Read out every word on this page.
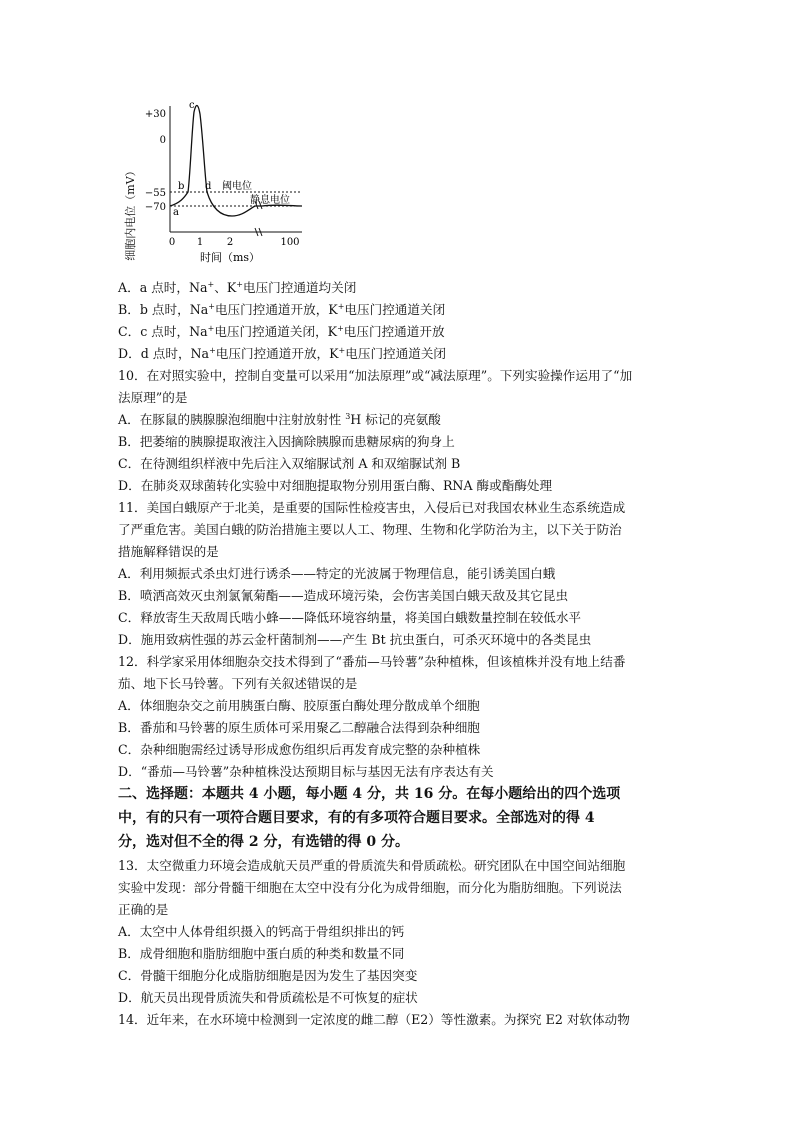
细胞内电位（mV）
+30
0
−55
−70
0 1 2	100
a
b
c
d 阈电位
静息电位
时间（ms）
A．a 点时，Na+、K+电压门控通道均关闭
B．b 点时，Na+电压门控通道开放，K+电压门控通道关闭
C．c 点时，Na+电压门控通道关闭，K+电压门控通道开放
D．d 点时，Na+电压门控通道开放，K+电压门控通道关闭
10．在对照实验中，控制自变量可以采用“加法原理”或“减法原理”。下列实验操作运用了“加
法原理”的是
A．在豚鼠的胰腺腺泡细胞中注射放射性 $^3$H 标记的亮氨酸
B．把萎缩的胰腺提取液注入因摘除胰腺而患糖尿病的狗身上
C．在待测组织样液中先后注入双缩脲试剂 A 和双缩脲试剂 B
D．在肺炎双球菌转化实验中对细胞提取物分别用蛋白酶、RNA 酶或酯酶处理
11．美国白蛾原产于北美，是重要的国际性检疫害虫，入侵后已对我国农林业生态系统造成
了严重危害。美国白蛾的防治措施主要以人工、物理、生物和化学防治为主，以下关于防治
措施解释错误的是
A．利用频振式杀虫灯进行诱杀——特定的光波属于物理信息，能引诱美国白蛾
B．喷洒高效灭虫剂氯氰菊酯——造成环境污染，会伤害美国白蛾天敌及其它昆虫
C．释放寄生天敌周氏啮小蜂——降低环境容纳量，将美国白蛾数量控制在较低水平
D．施用致病性强的苏云金杆菌制剂——产生 Bt 抗虫蛋白，可杀灭环境中的各类昆虫
12．科学家采用体细胞杂交技术得到了“番茄—马铃薯”杂种植株，但该植株并没有地上结番
茄、地下长马铃薯。下列有关叙述错误的是
A．体细胞杂交之前用胰蛋白酶、胶原蛋白酶处理分散成单个细胞
B．番茄和马铃薯的原生质体可采用聚乙二醇融合法得到杂种细胞
C．杂种细胞需经过诱导形成愈伤组织后再发育成完整的杂种植株
D．“番茄—马铃薯”杂种植株没达预期目标与基因无法有序表达有关
二、选择题：本题共 4 小题，每小题 4 分，共 16 分。在每小题给出的四个选项
中，有的只有一项符合题目要求，有的有多项符合题目要求。全部选对的得 4
分，选对但不全的得 2 分，有选错的得 0 分。
13．太空微重力环境会造成航天员严重的骨质流失和骨质疏松。研究团队在中国空间站细胞
实验中发现：部分骨髓干细胞在太空中没有分化为成骨细胞，而分化为脂肪细胞。下列说法
正确的是
A．太空中人体骨组织摄入的钙高于骨组织排出的钙
B．成骨细胞和脂肪细胞中蛋白质的种类和数量不同
C．骨髓干细胞分化成脂肪细胞是因为发生了基因突变
D．航天员出现骨质流失和骨质疏松是不可恢复的症状
14．近年来，在水环境中检测到一定浓度的雌二醇（E2）等性激素。为探究 E2 对软体动物
